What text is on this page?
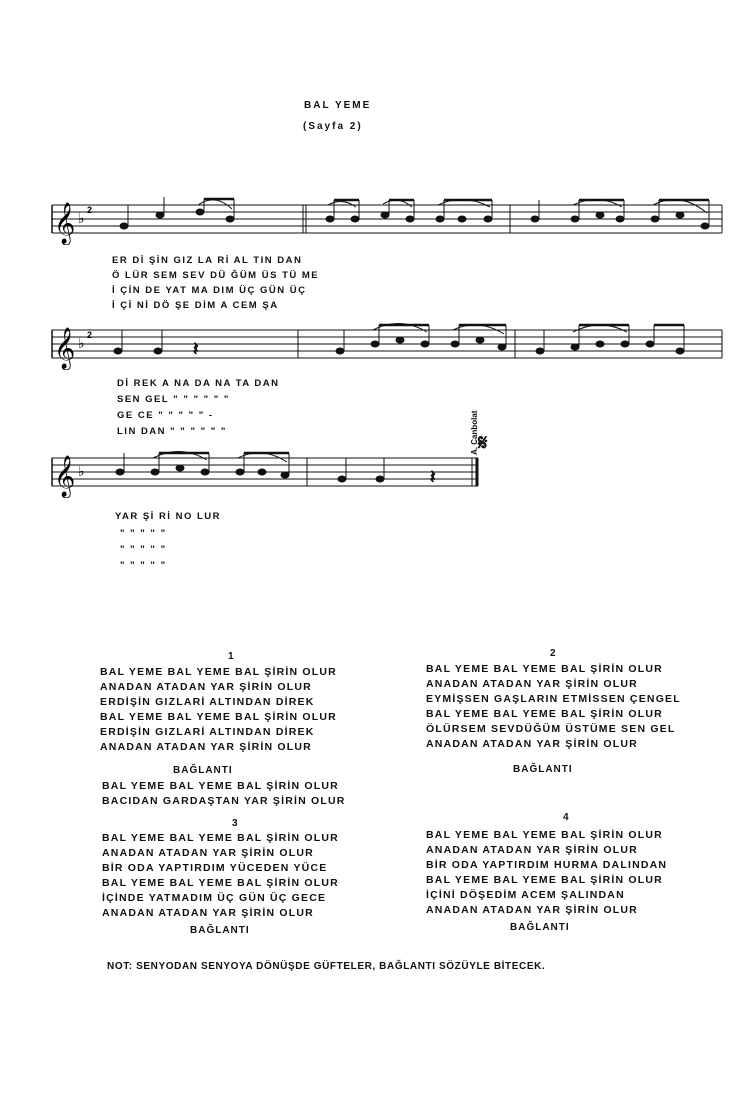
BAL YEME
(Sayfa 2)
𝄞 ♭
2
ER Dİ ŞİN GIZ LA Rİ AL TIN DAN
Ö LÜR SEM SEV DÜ ĞÜM ÜS TÜ ME
İ ÇİN DE YAT MA DIM ÜÇ GÜN ÜÇ
İ Çİ Nİ DÖ ŞE DİM A CEM ŞA
𝄞 ♭
2
𝄽
Dİ REK A NA DA NA TA DAN
SEN GEL " " " " " "
GE CE " " " " " -
LIN DAN " " " " " "
𝄞 ♭	𝄽
𝄋
A. Canbolat
YAR Şİ Rİ NO LUR
" " " " "
" " " " "
" " " " "
1
BAL YEME BAL YEME BAL ŞİRİN OLUR
ANADAN ATADAN YAR ŞİRİN OLUR
ERDİŞİN GIZLARİ ALTINDAN DİREK
BAL YEME BAL YEME BAL ŞİRİN OLUR
ERDİŞİN GIZLARİ ALTINDAN DİREK
ANADAN ATADAN YAR ŞİRİN OLUR
2
BAL YEME BAL YEME BAL ŞİRİN OLUR
ANADAN ATADAN YAR ŞİRİN OLUR
EYMİŞSEN GAŞLARIN ETMİSSEN ÇENGEL
BAL YEME BAL YEME BAL ŞİRİN OLUR
ÖLÜRSEM SEVDÜĞÜM ÜSTÜME SEN GEL
ANADAN ATADAN YAR ŞİRİN OLUR
BAĞLANTI
BAĞLANTI
BAL YEME BAL YEME BAL ŞİRİN OLUR
BACIDAN GARDAŞTAN YAR ŞİRİN OLUR
3
BAL YEME BAL YEME BAL ŞİRİN OLUR
ANADAN ATADAN YAR ŞİRİN OLUR
BİR ODA YAPTIRDIM YÜCEDEN YÜCE
BAL YEME BAL YEME BAL ŞİRİN OLUR
İÇİNDE YATMADIM ÜÇ GÜN ÜÇ GECE
ANADAN ATADAN YAR ŞİRİN OLUR
BAĞLANTI
4
BAL YEME BAL YEME BAL ŞİRİN OLUR
ANADAN ATADAN YAR ŞİRİN OLUR
BİR ODA YAPTIRDIM HURMA DALINDAN
BAL YEME BAL YEME BAL ŞİRİN OLUR
İÇİNİ DÖŞEDİM ACEM ŞALINDAN
ANADAN ATADAN YAR ŞİRİN OLUR
BAĞLANTI
NOT: SENYODAN SENYOYA DÖNÜŞDE GÜFTELER, BAĞLANTI SÖZÜYLE BİTECEK.
